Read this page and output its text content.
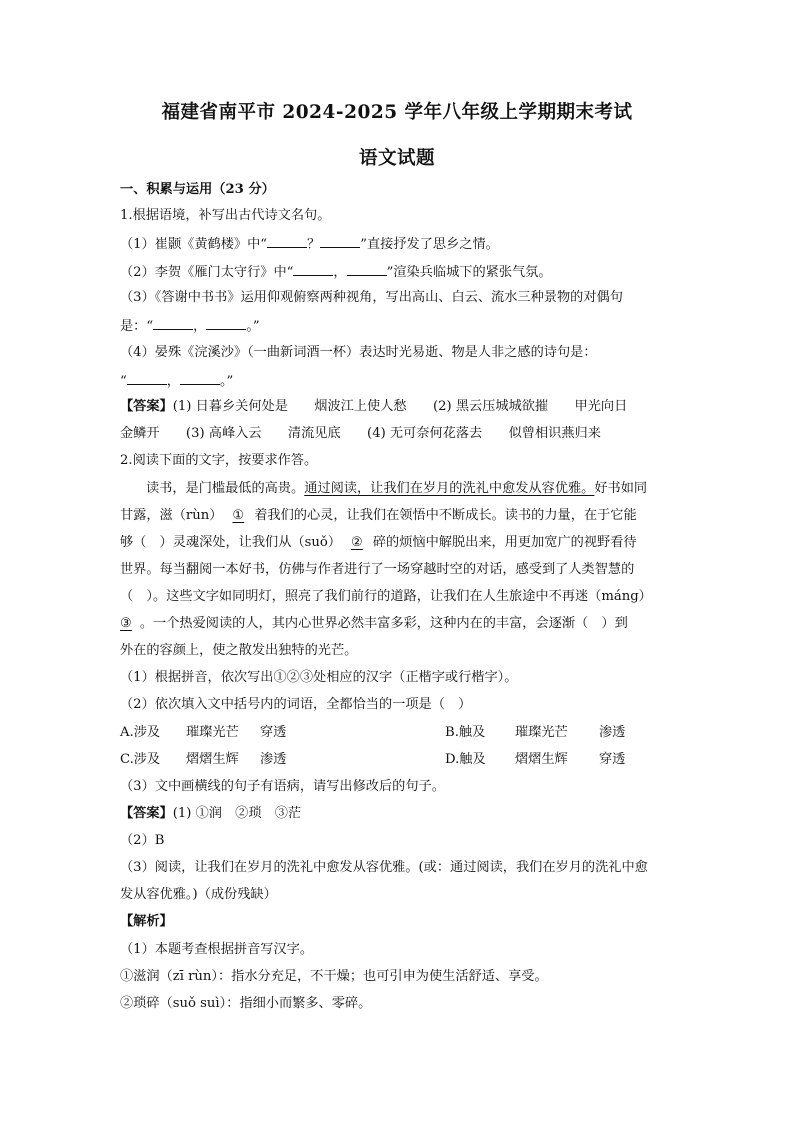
福建省南平市 2024-2025 学年八年级上学期期末考试
语文试题
一、积累与运用（23 分）
1.根据语境，补写出古代诗文名句。
（1）崔颢《黄鹤楼》中“	？	”直接抒发了思乡之情。
（2）李贺《雁门太守行》中“	，	”渲染兵临城下的紧张气氛。
（3）《答谢中书书》运用仰观俯察两种视角，写出高山、白云、流水三种景物的对偶句
是：“	，	。”
（4）晏殊《浣溪沙》（一曲新词酒一杯）表达时光易逝、物是人非之感的诗句是：
“	，	。”
【答案】(1) 日暮乡关何处是　　烟波江上使人愁　　(2) 黑云压城城欲摧　　甲光向日
金鳞开　　(3) 高峰入云　　清流见底　　(4) 无可奈何花落去　　似曾相识燕归来
2.阅读下面的文字，按要求作答。
读书，是门槛最低的高贵。通过阅读，让我们在岁月的洗礼中愈发从容优雅。好书如同
甘露，滋（rùn） ① 着我们的心灵，让我们在领悟中不断成长。读书的力量，在于它能
够（　）灵魂深处，让我们从（suǒ） ② 碎的烦恼中解脱出来，用更加宽广的视野看待
世界。每当翻阅一本好书，仿佛与作者进行了一场穿越时空的对话，感受到了人类智慧的
（　）。这些文字如同明灯，照亮了我们前行的道路，让我们在人生旅途中不再迷（máng）
③ 。一个热爱阅读的人，其内心世界必然丰富多彩，这种内在的丰富，会逐渐（　）到
外在的容颜上，使之散发出独特的光芒。
（1）根据拼音，依次写出①②③处相应的汉字（正楷字或行楷字）。
（2）依次填入文中括号内的词语，全都恰当的一项是（　）
A.涉及 璀璨光芒 穿透	B.触及 璀璨光芒 渗透
C.涉及 熠熠生辉 渗透	D.触及 熠熠生辉 穿透
（3）文中画横线的句子有语病，请写出修改后的句子。
【答案】(1) ①润　②琐　③茫
（2）B
（3）阅读，让我们在岁月的洗礼中愈发从容优雅。(或：通过阅读，我们在岁月的洗礼中愈
发从容优雅。)（成份残缺）
【解析】
（1）本题考查根据拼音写汉字。
①滋润（zī rùn）：指水分充足，不干燥；也可引申为使生活舒适、享受。
②琐碎（suǒ suì）：指细小而繁多、零碎。
